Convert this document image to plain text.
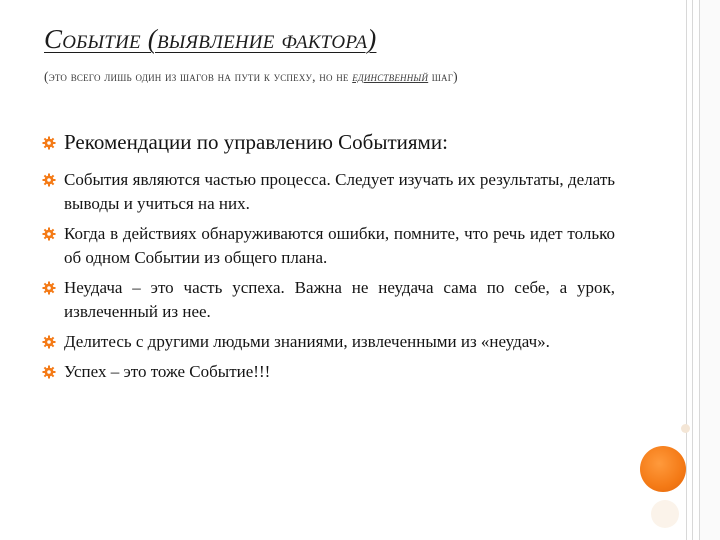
Событие (выявление фактора)
(это всего лишь один из шагов на пути к успеху, но не единственный шаг)
Рекомендации по управлению Событиями:
События являются частью процесса. Следует изучать их результаты, делать выводы и учиться на них.
Когда в действиях обнаруживаются ошибки, помните, что речь идет только об одном Событии из общего плана.
Неудача – это часть успеха. Важна не неудача сама по себе, а урок, извлеченный из нее.
Делитесь с другими людьми знаниями, извлеченными из «неудач».
Успех – это тоже Событие!!!
